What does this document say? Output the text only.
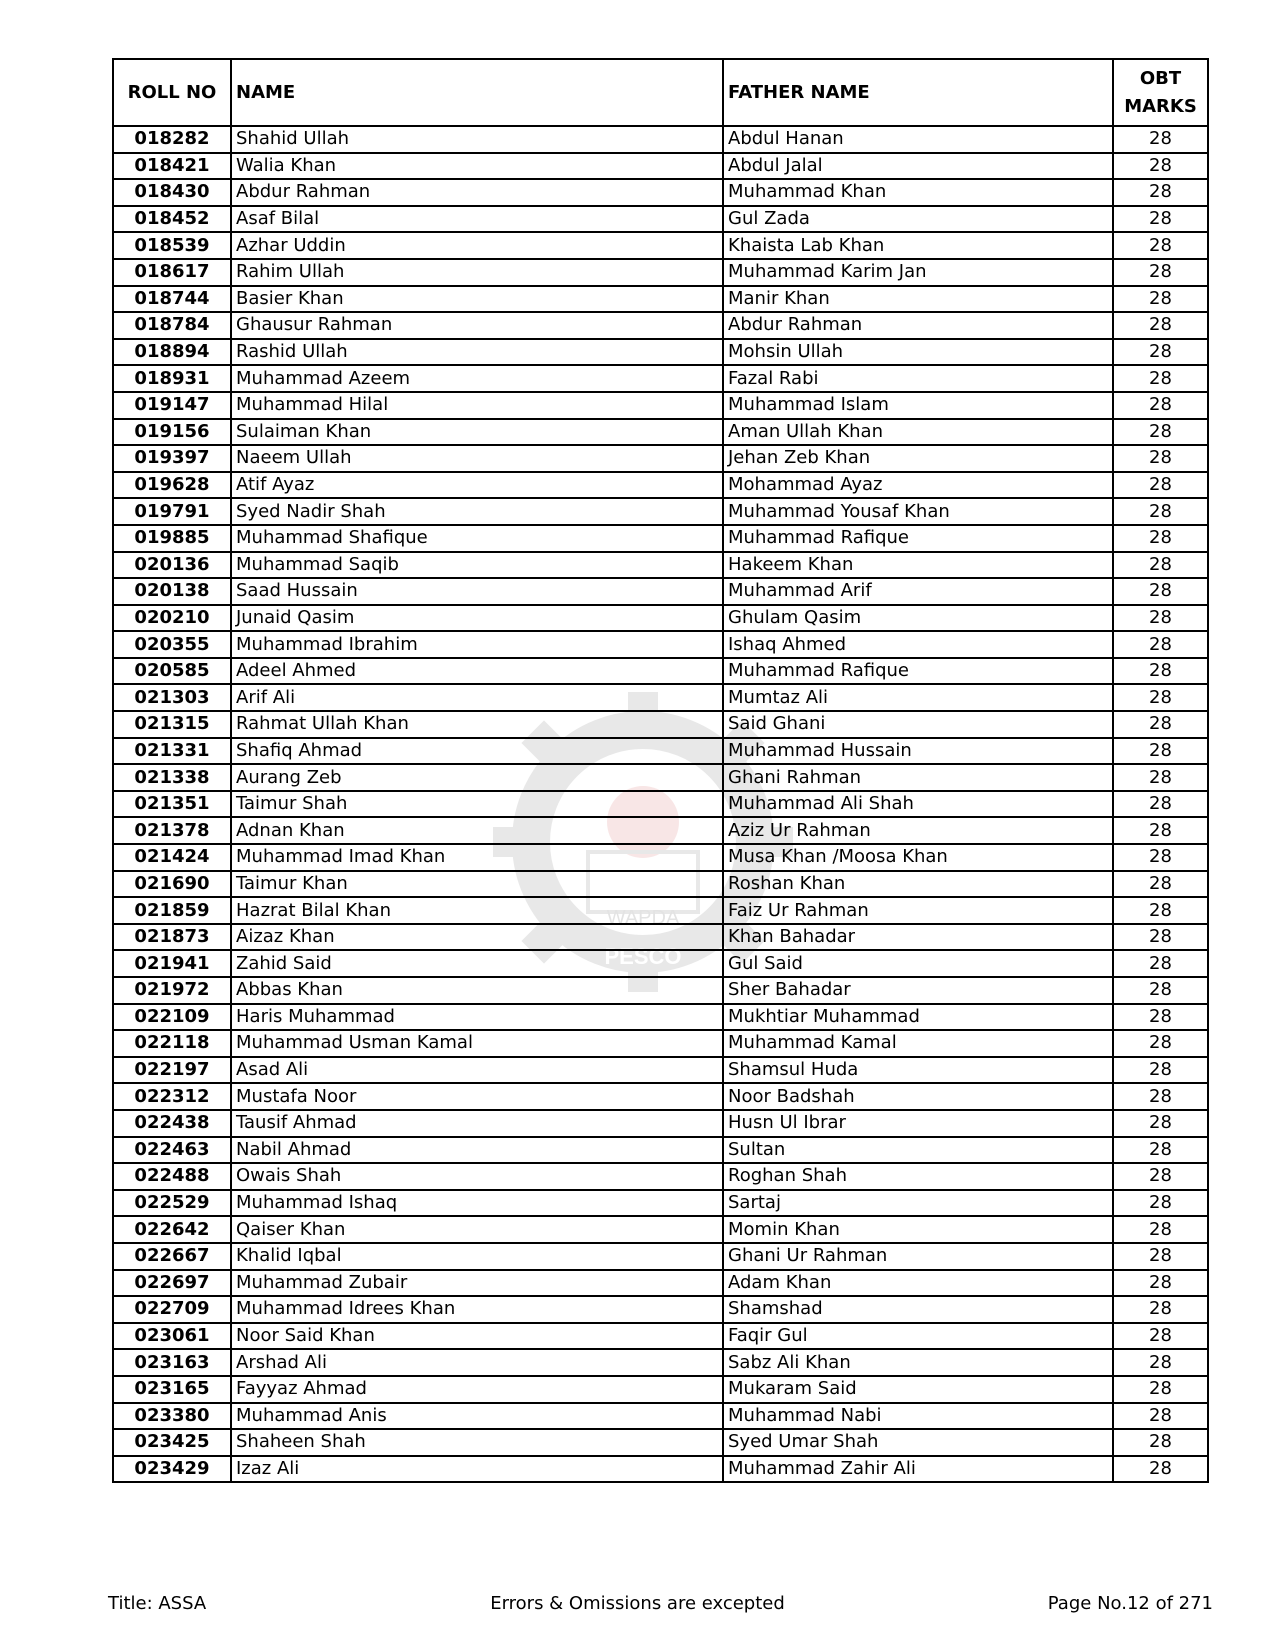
WAPDA
PESCO
ROLL NO	NAME	FATHER NAME	OBT
MARKS
018282	Shahid Ullah	Abdul Hanan	28
018421	Walia Khan	Abdul Jalal	28
018430	Abdur Rahman	Muhammad Khan	28
018452	Asaf Bilal	Gul Zada	28
018539	Azhar Uddin	Khaista Lab Khan	28
018617	Rahim Ullah	Muhammad Karim Jan	28
018744	Basier Khan	Manir Khan	28
018784	Ghausur Rahman	Abdur Rahman	28
018894	Rashid Ullah	Mohsin Ullah	28
018931	Muhammad Azeem	Fazal Rabi	28
019147	Muhammad Hilal	Muhammad Islam	28
019156	Sulaiman Khan	Aman Ullah Khan	28
019397	Naeem Ullah	Jehan Zeb Khan	28
019628	Atif Ayaz	Mohammad Ayaz	28
019791	Syed Nadir Shah	Muhammad Yousaf Khan	28
019885	Muhammad Shafique	Muhammad Rafique	28
020136	Muhammad Saqib	Hakeem Khan	28
020138	Saad Hussain	Muhammad Arif	28
020210	Junaid Qasim	Ghulam Qasim	28
020355	Muhammad Ibrahim	Ishaq Ahmed	28
020585	Adeel Ahmed	Muhammad Rafique	28
021303	Arif Ali	Mumtaz Ali	28
021315	Rahmat Ullah Khan	Said Ghani	28
021331	Shafiq Ahmad	Muhammad Hussain	28
021338	Aurang Zeb	Ghani Rahman	28
021351	Taimur Shah	Muhammad Ali Shah	28
021378	Adnan Khan	Aziz Ur Rahman	28
021424	Muhammad Imad Khan	Musa Khan /Moosa Khan	28
021690	Taimur Khan	Roshan Khan	28
021859	Hazrat Bilal Khan	Faiz Ur Rahman	28
021873	Aizaz Khan	Khan Bahadar	28
021941	Zahid Said	Gul Said	28
021972	Abbas Khan	Sher Bahadar	28
022109	Haris Muhammad	Mukhtiar Muhammad	28
022118	Muhammad Usman Kamal	Muhammad Kamal	28
022197	Asad Ali	Shamsul Huda	28
022312	Mustafa Noor	Noor Badshah	28
022438	Tausif Ahmad	Husn Ul Ibrar	28
022463	Nabil Ahmad	Sultan	28
022488	Owais Shah	Roghan Shah	28
022529	Muhammad Ishaq	Sartaj	28
022642	Qaiser Khan	Momin Khan	28
022667	Khalid Iqbal	Ghani Ur Rahman	28
022697	Muhammad Zubair	Adam Khan	28
022709	Muhammad Idrees Khan	Shamshad	28
023061	Noor Said Khan	Faqir Gul	28
023163	Arshad Ali	Sabz Ali Khan	28
023165	Fayyaz Ahmad	Mukaram Said	28
023380	Muhammad Anis	Muhammad Nabi	28
023425	Shaheen Shah	Syed Umar Shah	28
023429	Izaz Ali	Muhammad Zahir Ali	28
Errors & Omissions are excepted
Title: ASSA	Page No.12 of 271
